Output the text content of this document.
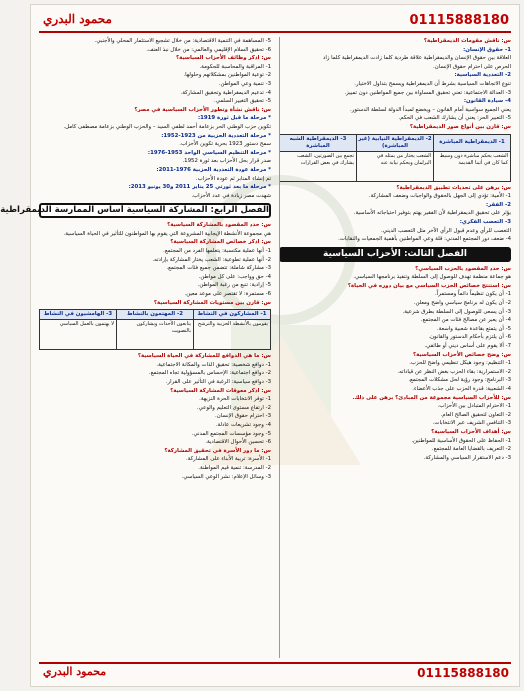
01115888180
محمود البدري
س: ناقش مقومات الديمقراطية؟
1- حقوق الإنسان:
العلاقة بين حقوق الإنسان والديمقراطية علاقة طردية كلما زادت الديمقراطية كلما زاد
الحرص على احترام حقوق الإنسان.
2- التعددية السياسية:
تنوع الاتجاهات السياسية بشرط أن الديمقراطية ويسمح بتداول الاختيار.
3- العدالة الاجتماعية: تعني تحقيق المساواة بين جميع المواطنين دون تمييز.
4- سيادة القانون:
يعني الجميع سواسية أمام القانون – ويخضع لمبدأ الدولة لسلطة الدستور.
5- التعبير الحر: يعني أن يشارك الشعب في الحكم.
س: قارن بين أنواع صور الديمقراطية؟
1- الديمقراطية المباشرة	2- الديمقراطية النيابية (غير المباشرة)	3- الديمقراطية الشبه المباشرة
الشعب يحكم مباشرة دون وسيط كما كان في أثينا القديمة	الشعب يختار من يمثله في البرلمان ويحكم نيابة عنه	تجمع بين الصورتين، الشعب يشارك في بعض القرارات
س: برهن على تحديات تطبيق الديمقراطية؟
1- الأمية: تؤدي إلى الجهل بالحقوق والواجبات وضعف المشاركة.
2- الفقر:
يؤثر على تحقيق الديمقراطية لأن الفقير يهتم بتوفير احتياجاته الأساسية.
3- التعصب الفكري:
التعصب للرأي وعدم قبول الرأي الآخر مثل التعصب الديني.
4- ضعف دور المجتمع المدني: قلة وعي المواطنين بأهمية الجمعيات والنقابات.
الفصل الثالث: الأحزاب السياسية
س: حدد المقصود بالحزب السياسي؟
هو جماعة منظمة تهدف للوصول إلى السلطة وتنفيذ برنامجها السياسي.
س: استنتج خصائص الحزب السياسي مع بيان دوره في الحياة؟
1- أن يكون تنظيماً دائماً ومستمراً.
2- أن يكون له برنامج سياسي واضح ومعلن.
3- أن يسعى للوصول إلى السلطة بطرق شرعية.
4- أن يعبر عن مصالح فئات من المجتمع.
5- أن يتمتع بقاعدة شعبية واسعة.
6- أن يلتزم بأحكام الدستور والقانون.
7- ألا يقوم على أساس ديني أو طائفي.
س: وضح خصائص الأحزاب السياسية؟
1- التنظيم: وجود هيكل تنظيمي واضح للحزب.
2- الاستمرارية: بقاء الحزب بغض النظر عن قياداته.
3- البرنامج: وجود رؤية لحل مشكلات المجتمع.
4- الشعبية: قدرة الحزب على جذب الأعضاء.
س: للأحزاب السياسية مجموعة من المبادئ؟ برهن على ذلك.
1- الاحترام المتبادل بين الأحزاب.
2- التعاون لتحقيق الصالح العام.
3- التنافس الشريف عبر الانتخابات.
س: أهداف الأحزاب السياسية؟
1- الحفاظ على الحقوق الأساسية للمواطنين.
2- التعريف بالقضايا العامة للمجتمع.
3- دعم الاستقرار السياسي والمشاركة.
5- المساهمة في التنمية الاقتصادية: من خلال تشجيع الاستثمار المحلي والأجنبي.
6- تحقيق السلام الإقليمي والعالمي: من خلال نبذ العنف.
س: اذكر وظائف الأحزاب السياسية؟
1- المراقبة والمحاسبة للحكومة.
2- توعية المواطنين بمشكلاتهم وحلولها.
3- تنمية وعي المواطن.
4- تدعيم الديمقراطية وتحقيق المشاركة.
5- تحقيق التغيير السلمي.
س: ناقش نشأة وتطور الأحزاب السياسية في مصر؟
* مرحلة ما قبل ثورة 1919:
تكوين حزب الوطني الحر بزعامة أحمد لطفي السيد – والحزب الوطني بزعامة مصطفى كامل.
* مرحلة التعددية الحزبية من 1923-1952:
سمح دستور 1923 بحرية تكوين الأحزاب.
* مرحلة التنظيم السياسي الواحد 1953-1976:
صدر قرار بحل الأحزاب بعد ثورة 1952.
* مرحلة عودة التعددية الحزبية 1976-2011:
تم إنشاء المنابر ثم عودة الأحزاب.
* مرحلة ما بعد ثورتي 25 يناير 2011 و30 يونيو 2013:
شهدت مصر زيادة في عدد الأحزاب.
الفصل الرابع: المشاركة السياسية أساس الممارسة الديمقراطية
س: حدد المقصود بالمشاركة السياسية؟
هي مجموعة الأنشطة الإيجابية المشروعة التي يقوم بها المواطنون للتأثير في الحياة السياسية.
س: اذكر خصائص المشاركة السياسية؟
1- أنها عملية مكتسبة: يتعلمها الفرد من المجتمع.
2- أنها عملية تطوعية: الشعب يختار المشاركة بإرادته.
3- مشاركة شاملة: تتضمن جميع فئات المجتمع.
4- حق وواجب: على كل مواطن.
5- إرادية: تنبع من رغبة المواطن.
6- مستمرة: لا تقتصر على موعد معين.
س: قارن بين مستويات المشاركة السياسية؟
1- المشاركون في النشاط	2- المهتمون بالنشاط	3- الهامشيون في النشاط
يقومون بالأنشطة الحزبية والترشح	يتابعون الأحداث ويشاركون بالتصويت	لا يهتمون بالعمل السياسي
س: ما هي الدوافع للمشاركة في الحياة السياسية؟
1- دوافع شخصية: تحقيق الذات والمكانة الاجتماعية.
2- دوافع اجتماعية: الإحساس بالمسؤولية تجاه المجتمع.
3- دوافع سياسية: الرغبة في التأثير على القرار.
س: اذكر معوقات المشاركة السياسية؟
1- توفر الانتخابات الحرة النزيهة.
2- ارتفاع مستوى التعليم والوعي.
3- احترام حقوق الإنسان.
4- وجود تشريعات عادلة.
5- وجود مؤسسات المجتمع المدني.
6- تحسين الأحوال الاقتصادية.
س: ما دور الأسرة في تحقيق المشاركة؟
1- الأسرة: تربية الأبناء على المشاركة.
2- المدرسة: تنمية قيم المواطنة.
3- وسائل الإعلام: نشر الوعي السياسي.
01115888180
محمود البدري
